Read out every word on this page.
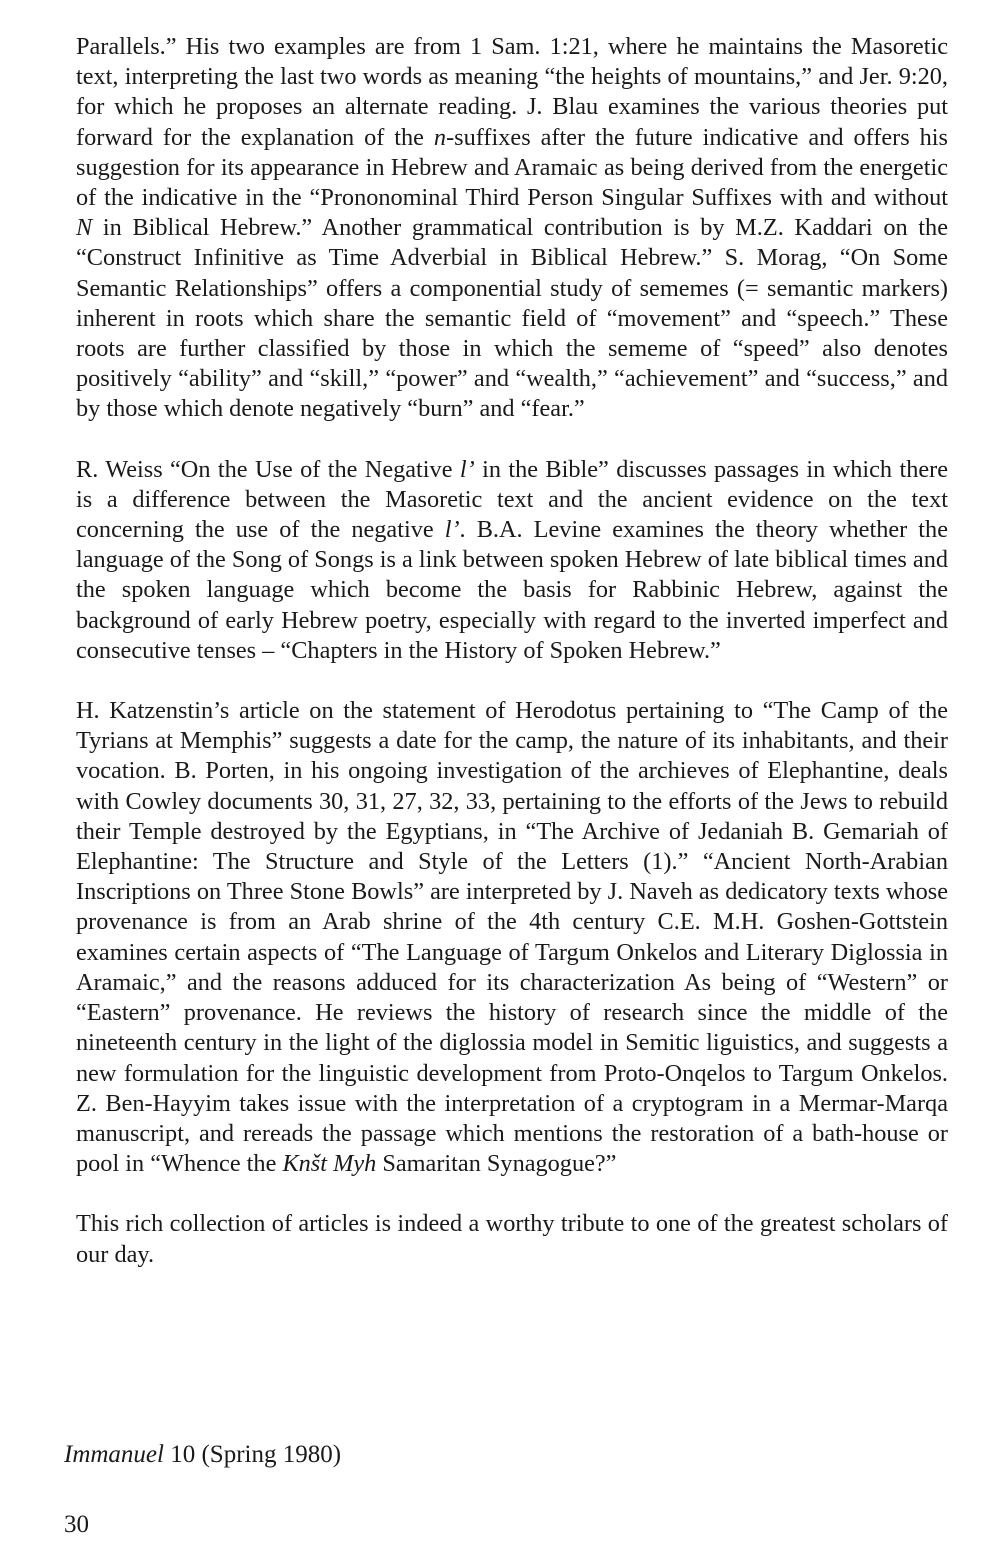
Parallels.” His two examples are from 1 Sam. 1:21, where he maintains the Masoretic text, interpreting the last two words as meaning “the heights of mountains,” and Jer. 9:20, for which he proposes an alternate reading. J. Blau examines the various theories put forward for the explanation of the n-suffixes after the future indicative and offers his suggestion for its appearance in Hebrew and Aramaic as being derived from the energetic of the indicative in the “Prononominal Third Person Singular Suffixes with and without N in Biblical Hebrew.” Another grammatical contribution is by M.Z. Kaddari on the “Construct Infinitive as Time Adverbial in Biblical Hebrew.” S. Morag, “On Some Semantic Relationships” offers a componential study of sememes (= semantic markers) inherent in roots which share the semantic field of “movement” and “speech.” These roots are further classified by those in which the sememe of “speed” also denotes positively “ability” and “skill,” “power” and “wealth,” “achievement” and “success,” and by those which denote negatively “burn” and “fear.”

R. Weiss “On the Use of the Negative l’ in the Bible” discusses passages in which there is a difference between the Masoretic text and the ancient evidence on the text concerning the use of the negative l’. B.A. Levine examines the theory whether the language of the Song of Songs is a link between spoken Hebrew of late biblical times and the spoken language which become the basis for Rabbinic Hebrew, against the background of early Hebrew poetry, especially with regard to the inverted imperfect and consecutive tenses – “Chapters in the History of Spoken Hebrew.”

H. Katzenstin’s article on the statement of Herodotus pertaining to “The Camp of the Tyrians at Memphis” suggests a date for the camp, the nature of its inhabitants, and their vocation. B. Porten, in his ongoing investigation of the archieves of Elephantine, deals with Cowley documents 30, 31, 27, 32, 33, pertaining to the efforts of the Jews to rebuild their Temple destroyed by the Egyptians, in “The Archive of Jedaniah B. Gemariah of Elephantine: The Structure and Style of the Letters (1).” “Ancient North-Arabian Inscriptions on Three Stone Bowls” are interpreted by J. Naveh as dedicatory texts whose provenance is from an Arab shrine of the 4th century C.E. M.H. Goshen-Gottstein examines certain aspects of “The Language of Targum Onkelos and Literary Diglossia in Aramaic,” and the reasons adduced for its characterization As being of “Western” or “Eastern” provenance. He reviews the history of research since the middle of the nineteenth century in the light of the diglossia model in Semitic liguistics, and suggests a new formulation for the linguistic development from Proto-Onqelos to Targum Onkelos. Z. Ben-Hayyim takes issue with the interpretation of a cryptogram in a Mermar-Marqa manuscript, and rereads the passage which mentions the restoration of a bath-house or pool in “Whence the Knšt Myh Samaritan Synagogue?”

This rich collection of articles is indeed a worthy tribute to one of the greatest scholars of our day.

Immanuel 10 (Spring 1980)

30
